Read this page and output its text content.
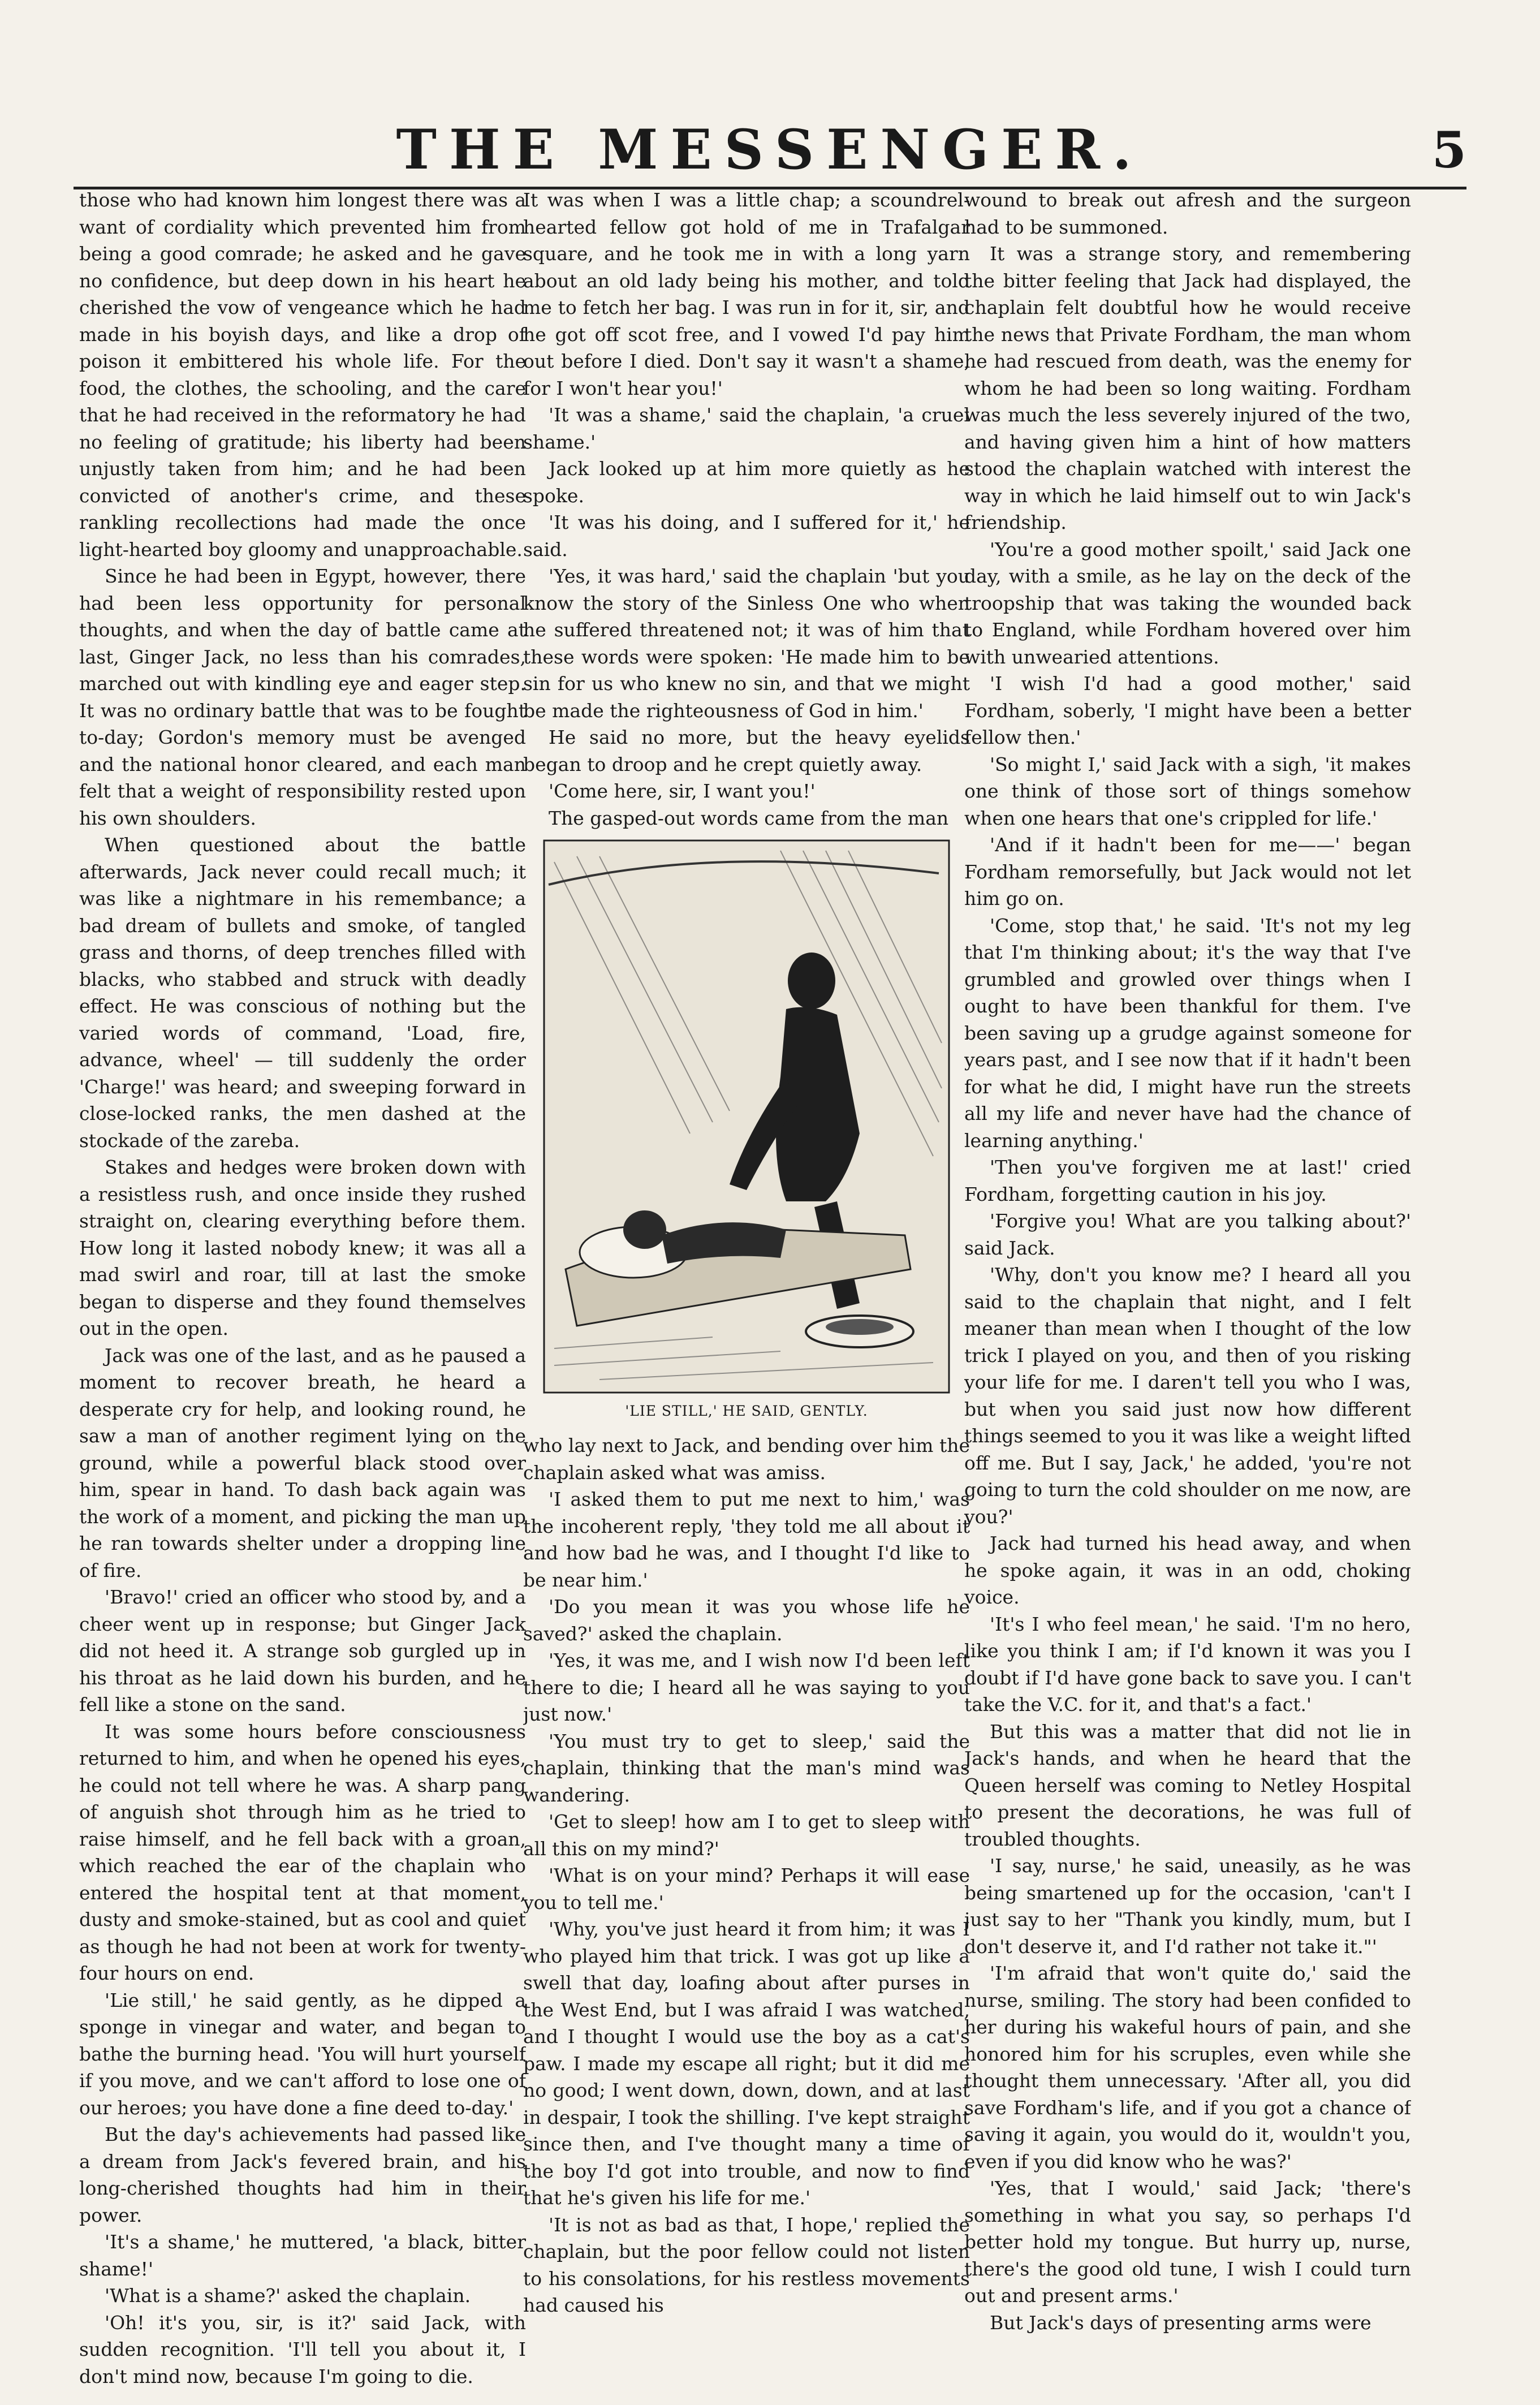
THE MESSENGER.	5

those who had known him longest there was a want of cordiality which prevented him from being a good comrade; he asked and he gave no confidence, but deep down in his heart he cherished the vow of vengeance which he had made in his boyish days, and like a drop of poison it embittered his whole life. For the food, the clothes, the schooling, and the care that he had received in the reformatory he had no feeling of gratitude; his liberty had been unjustly taken from him; and he had been convicted of another's crime, and these rankling recollections had made the once light-hearted boy gloomy and unapproachable.

Since he had been in Egypt, however, there had been less opportunity for personal thoughts, and when the day of battle came at last, Ginger Jack, no less than his comrades, marched out with kindling eye and eager step. It was no ordinary battle that was to be fought to-day; Gordon's memory must be avenged and the national honor cleared, and each man felt that a weight of responsibility rested upon his own shoulders.

When questioned about the battle afterwards, Jack never could recall much; it was like a nightmare in his remembance; a bad dream of bullets and smoke, of tangled grass and thorns, of deep trenches filled with blacks, who stabbed and struck with deadly effect. He was conscious of nothing but the varied words of command, 'Load, fire, advance, wheel' — till suddenly the order 'Charge!' was heard; and sweeping forward in close-locked ranks, the men dashed at the stockade of the zareba.

Stakes and hedges were broken down with a resistless rush, and once inside they rushed straight on, clearing everything before them. How long it lasted nobody knew; it was all a mad swirl and roar, till at last the smoke began to disperse and they found themselves out in the open.

Jack was one of the last, and as he paused a moment to recover breath, he heard a desperate cry for help, and looking round, he saw a man of another regiment lying on the ground, while a powerful black stood over him, spear in hand. To dash back again was the work of a moment, and picking the man up he ran towards shelter under a dropping line of fire.

'Bravo!' cried an officer who stood by, and a cheer went up in response; but Ginger Jack did not heed it. A strange sob gurgled up in his throat as he laid down his burden, and he fell like a stone on the sand.

It was some hours before consciousness returned to him, and when he opened his eyes, he could not tell where he was. A sharp pang of anguish shot through him as he tried to raise himself, and he fell back with a groan, which reached the ear of the chaplain who entered the hospital tent at that moment, dusty and smoke-stained, but as cool and quiet as though he had not been at work for twenty-four hours on end.

'Lie still,' he said gently, as he dipped a sponge in vinegar and water, and began to bathe the burning head. 'You will hurt yourself if you move, and we can't afford to lose one of our heroes; you have done a fine deed to-day.'

But the day's achievements had passed like a dream from Jack's fevered brain, and his long-cherished thoughts had him in their power.

'It's a shame,' he muttered, 'a black, bitter shame!'

'What is a shame?' asked the chaplain.

'Oh! it's you, sir, is it?' said Jack, with sudden recognition. 'I'll tell you about it, I don't mind now, because I'm going to die.

It was when I was a little chap; a scoundrel-hearted fellow got hold of me in Trafalgar square, and he took me in with a long yarn about an old lady being his mother, and told me to fetch her bag. I was run in for it, sir, and he got off scot free, and I vowed I'd pay him out before I died. Don't say it wasn't a shame, for I won't hear you!'

'It was a shame,' said the chaplain, 'a cruel shame.'

Jack looked up at him more quietly as he spoke.

'It was his doing, and I suffered for it,' he said.

'Yes, it was hard,' said the chaplain 'but you know the story of the Sinless One who when he suffered threatened not; it was of him that these words were spoken: 'He made him to be sin for us who knew no sin, and that we might be made the righteousness of God in him.'

He said no more, but the heavy eyelids began to droop and he crept quietly away.

'Come here, sir, I want you!'

The gasped-out words came from the man

'LIE STILL,' HE SAID, GENTLY.

who lay next to Jack, and bending over him the chaplain asked what was amiss.

'I asked them to put me next to him,' was the incoherent reply, 'they told me all about it and how bad he was, and I thought I'd like to be near him.'

'Do you mean it was you whose life he saved?' asked the chaplain.

'Yes, it was me, and I wish now I'd been left there to die; I heard all he was saying to you just now.'

'You must try to get to sleep,' said the chaplain, thinking that the man's mind was wandering.

'Get to sleep! how am I to get to sleep with all this on my mind?'

'What is on your mind? Perhaps it will ease you to tell me.'

'Why, you've just heard it from him; it was I who played him that trick. I was got up like a swell that day, loafing about after purses in the West End, but I was afraid I was watched, and I thought I would use the boy as a cat's paw. I made my escape all right; but it did me no good; I went down, down, down, and at last in despair, I took the shilling. I've kept straight since then, and I've thought many a time of the boy I'd got into trouble, and now to find that he's given his life for me.'

'It is not as bad as that, I hope,' replied the chaplain, but the poor fellow could not listen to his consolations, for his restless movements had caused his

wound to break out afresh and the surgeon had to be summoned.

It was a strange story, and remembering the bitter feeling that Jack had displayed, the chaplain felt doubtful how he would receive the news that Private Fordham, the man whom he had rescued from death, was the enemy for whom he had been so long waiting. Fordham was much the less severely injured of the two, and having given him a hint of how matters stood the chaplain watched with interest the way in which he laid himself out to win Jack's friendship.

'You're a good mother spoilt,' said Jack one day, with a smile, as he lay on the deck of the troopship that was taking the wounded back to England, while Fordham hovered over him with unwearied attentions.

'I wish I'd had a good mother,' said Fordham, soberly, 'I might have been a better fellow then.'

'So might I,' said Jack with a sigh, 'it makes one think of those sort of things somehow when one hears that one's crippled for life.'

'And if it hadn't been for me——' began Fordham remorsefully, but Jack would not let him go on.

'Come, stop that,' he said. 'It's not my leg that I'm thinking about; it's the way that I've grumbled and growled over things when I ought to have been thankful for them. I've been saving up a grudge against someone for years past, and I see now that if it hadn't been for what he did, I might have run the streets all my life and never have had the chance of learning anything.'

'Then you've forgiven me at last!' cried Fordham, forgetting caution in his joy.

'Forgive you! What are you talking about?' said Jack.

'Why, don't you know me? I heard all you said to the chaplain that night, and I felt meaner than mean when I thought of the low trick I played on you, and then of you risking your life for me. I daren't tell you who I was, but when you said just now how different things seemed to you it was like a weight lifted off me. But I say, Jack,' he added, 'you're not going to turn the cold shoulder on me now, are you?'

Jack had turned his head away, and when he spoke again, it was in an odd, choking voice.

'It's I who feel mean,' he said. 'I'm no hero, like you think I am; if I'd known it was you I doubt if I'd have gone back to save you. I can't take the V.C. for it, and that's a fact.'

But this was a matter that did not lie in Jack's hands, and when he heard that the Queen herself was coming to Netley Hospital to present the decorations, he was full of troubled thoughts.

'I say, nurse,' he said, uneasily, as he was being smartened up for the occasion, 'can't I just say to her "Thank you kindly, mum, but I don't deserve it, and I'd rather not take it."'

'I'm afraid that won't quite do,' said the nurse, smiling. The story had been confided to her during his wakeful hours of pain, and she honored him for his scruples, even while she thought them unnecessary. 'After all, you did save Fordham's life, and if you got a chance of saving it again, you would do it, wouldn't you, even if you did know who he was?'

'Yes, that I would,' said Jack; 'there's something in what you say, so perhaps I'd better hold my tongue. But hurry up, nurse, there's the good old tune, I wish I could turn out and present arms.'

But Jack's days of presenting arms were
